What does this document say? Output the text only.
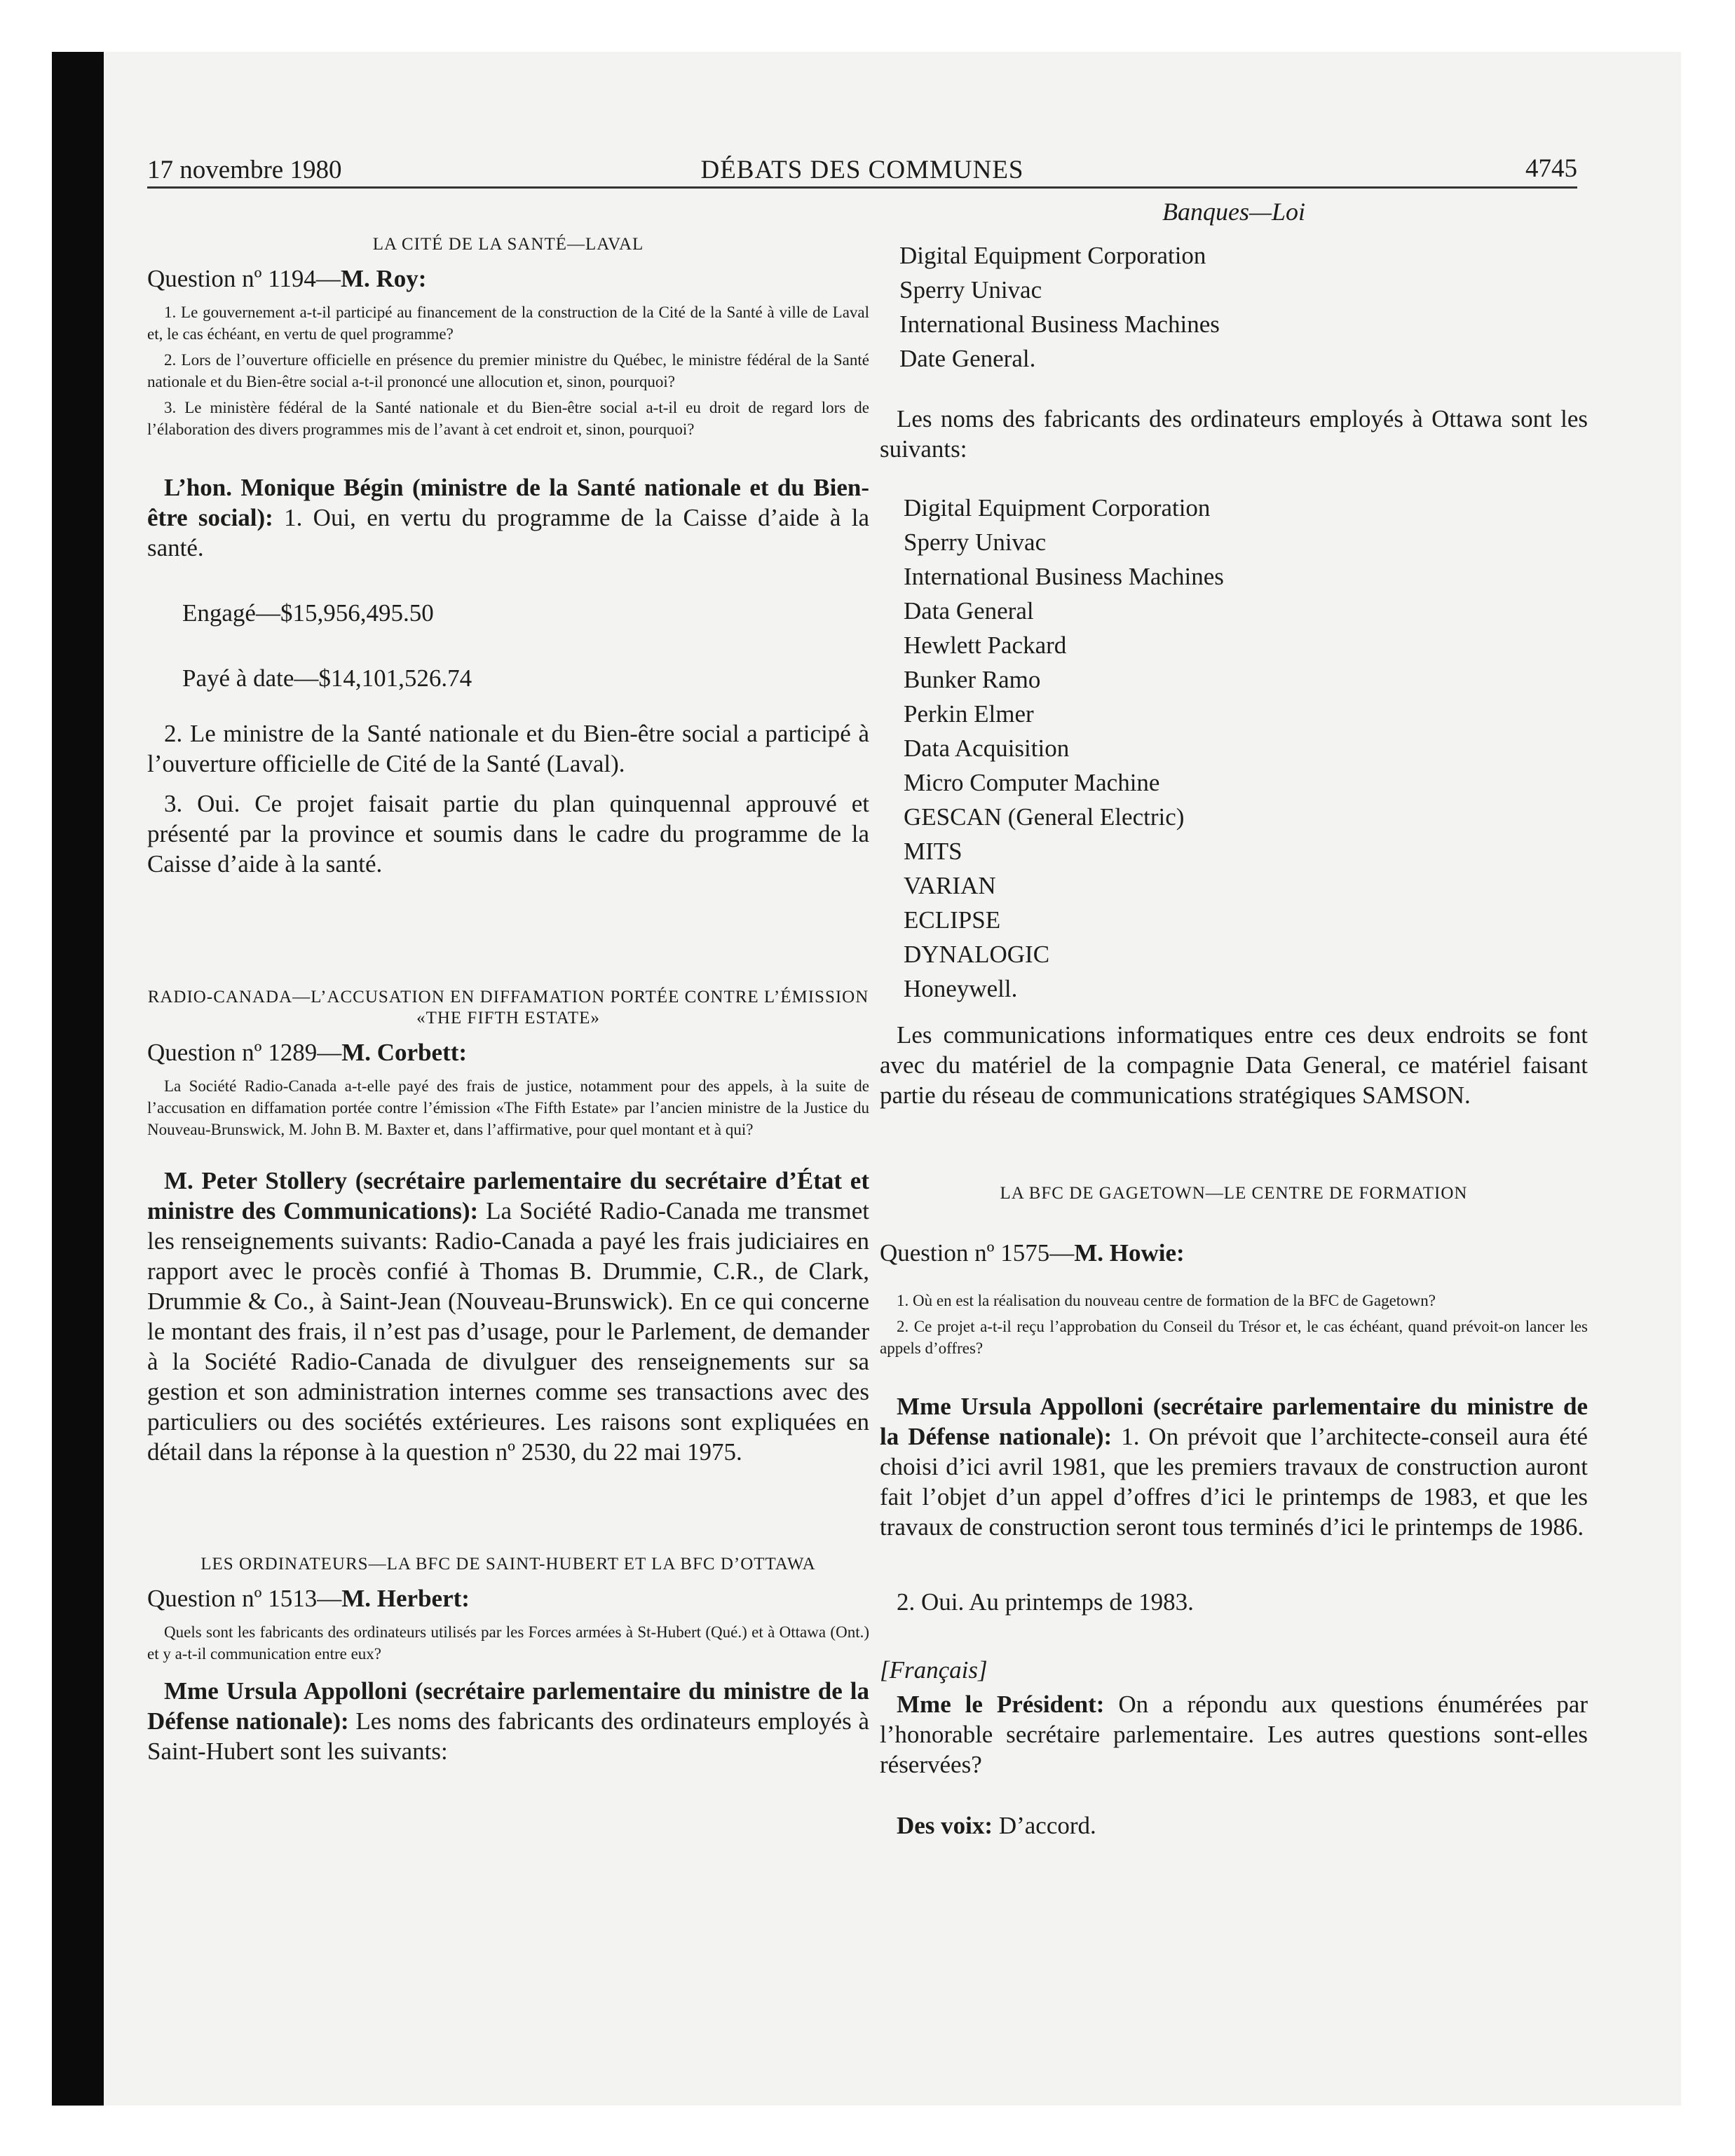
17 novembre 1980	DÉBATS DES COMMUNES	4745

LA CITÉ DE LA SANTÉ—LAVAL

Question nº 1194—M. Roy:

1. Le gouvernement a-t-il participé au financement de la construction de la Cité de la Santé à ville de Laval et, le cas échéant, en vertu de quel programme?

2. Lors de l’ouverture officielle en présence du premier ministre du Québec, le ministre fédéral de la Santé nationale et du Bien-être social a-t-il prononcé une allocution et, sinon, pourquoi?

3. Le ministère fédéral de la Santé nationale et du Bien-être social a-t-il eu droit de regard lors de l’élaboration des divers programmes mis de l’avant à cet endroit et, sinon, pourquoi?

L’hon. Monique Bégin (ministre de la Santé nationale et du Bien-être social): 1. Oui, en vertu du programme de la Caisse d’aide à la santé.

Engagé—$15,956,495.50

Payé à date—$14,101,526.74

2. Le ministre de la Santé nationale et du Bien-être social a participé à l’ouverture officielle de Cité de la Santé (Laval).

3. Oui. Ce projet faisait partie du plan quinquennal approuvé et présenté par la province et soumis dans le cadre du programme de la Caisse d’aide à la santé.

RADIO-CANADA—L’ACCUSATION EN DIFFAMATION PORTÉE CONTRE L’ÉMISSION «THE FIFTH ESTATE»

Question nº 1289—M. Corbett:

La Société Radio-Canada a-t-elle payé des frais de justice, notamment pour des appels, à la suite de l’accusation en diffamation portée contre l’émission «The Fifth Estate» par l’ancien ministre de la Justice du Nouveau-Brunswick, M. John B. M. Baxter et, dans l’affirmative, pour quel montant et à qui?

M. Peter Stollery (secrétaire parlementaire du secrétaire d’État et ministre des Communications): La Société Radio-Canada me transmet les renseignements suivants: Radio-Canada a payé les frais judiciaires en rapport avec le procès confié à Thomas B. Drummie, C.R., de Clark, Drummie & Co., à Saint-Jean (Nouveau-Brunswick). En ce qui concerne le montant des frais, il n’est pas d’usage, pour le Parlement, de demander à la Société Radio-Canada de divulguer des renseignements sur sa gestion et son administration internes comme ses transactions avec des particuliers ou des sociétés extérieures. Les raisons sont expliquées en détail dans la réponse à la question nº 2530, du 22 mai 1975.

LES ORDINATEURS—LA BFC DE SAINT-HUBERT ET LA BFC D’OTTAWA

Question nº 1513—M. Herbert:

Quels sont les fabricants des ordinateurs utilisés par les Forces armées à St-Hubert (Qué.) et à Ottawa (Ont.) et y a-t-il communication entre eux?

Mme Ursula Appolloni (secrétaire parlementaire du ministre de la Défense nationale): Les noms des fabricants des ordinateurs employés à Saint-Hubert sont les suivants:

Banques—Loi

Digital Equipment Corporation
Sperry Univac
International Business Machines
Date General.

Les noms des fabricants des ordinateurs employés à Ottawa sont les suivants:

Digital Equipment Corporation
Sperry Univac
International Business Machines
Data General
Hewlett Packard
Bunker Ramo
Perkin Elmer
Data Acquisition
Micro Computer Machine
GESCAN (General Electric)
MITS
VARIAN
ECLIPSE
DYNALOGIC
Honeywell.

Les communications informatiques entre ces deux endroits se font avec du matériel de la compagnie Data General, ce matériel faisant partie du réseau de communications stratégiques SAMSON.

LA BFC DE GAGETOWN—LE CENTRE DE FORMATION

Question nº 1575—M. Howie:

1. Où en est la réalisation du nouveau centre de formation de la BFC de Gagetown?

2. Ce projet a-t-il reçu l’approbation du Conseil du Trésor et, le cas échéant, quand prévoit-on lancer les appels d’offres?

Mme Ursula Appolloni (secrétaire parlementaire du ministre de la Défense nationale): 1. On prévoit que l’architecte-conseil aura été choisi d’ici avril 1981, que les premiers travaux de construction auront fait l’objet d’un appel d’offres d’ici le printemps de 1983, et que les travaux de construction seront tous terminés d’ici le printemps de 1986.

2. Oui. Au printemps de 1983.

[Français]

Mme le Président: On a répondu aux questions énumérées par l’honorable secrétaire parlementaire. Les autres questions sont-elles réservées?

Des voix: D’accord.
